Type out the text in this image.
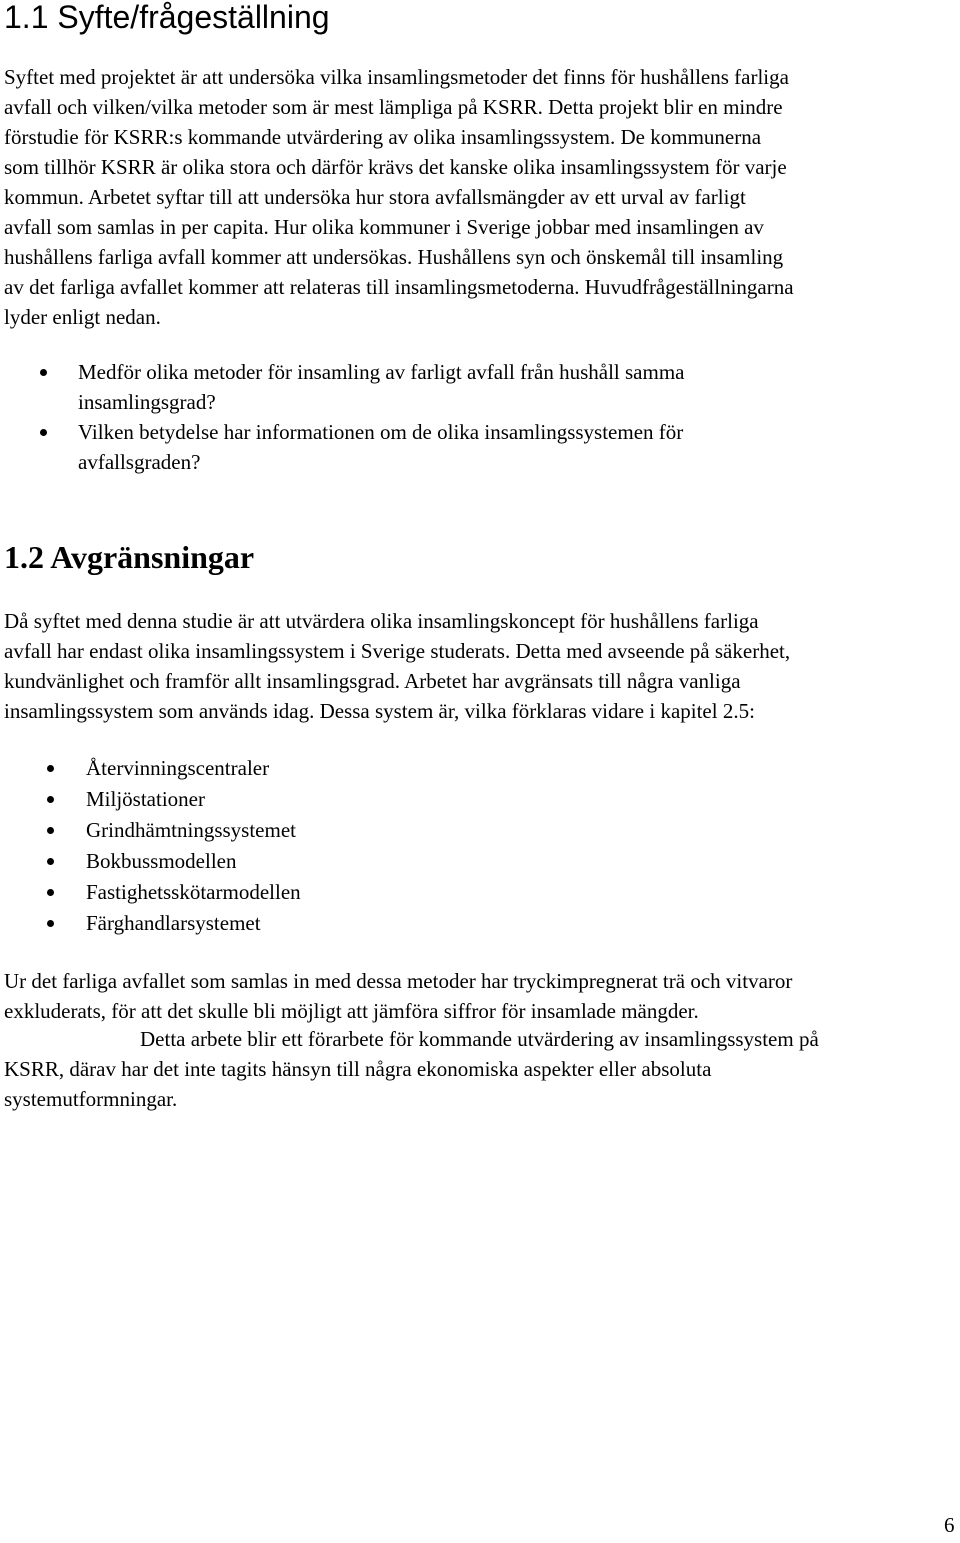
1.1 Syfte/frågeställning

Syftet med projektet är att undersöka vilka insamlingsmetoder det finns för hushållens farliga
avfall och vilken/vilka metoder som är mest lämpliga på KSRR. Detta projekt blir en mindre
förstudie för KSRR:s kommande utvärdering av olika insamlingssystem. De kommunerna
som tillhör KSRR är olika stora och därför krävs det kanske olika insamlingssystem för varje
kommun. Arbetet syftar till att undersöka hur stora avfallsmängder av ett urval av farligt
avfall som samlas in per capita. Hur olika kommuner i Sverige jobbar med insamlingen av
hushållens farliga avfall kommer att undersökas. Hushållens syn och önskemål till insamling
av det farliga avfallet kommer att relateras till insamlingsmetoderna. Huvudfrågeställningarna
lyder enligt nedan.

Medför olika metoder för insamling av farligt avfall från hushåll samma
insamlingsgrad?
Vilken betydelse har informationen om de olika insamlingssystemen för
avfallsgraden?
1.2 Avgränsningar

Då syftet med denna studie är att utvärdera olika insamlingskoncept för hushållens farliga
avfall har endast olika insamlingssystem i Sverige studerats. Detta med avseende på säkerhet,
kundvänlighet och framför allt insamlingsgrad. Arbetet har avgränsats till några vanliga
insamlingssystem som används idag. Dessa system är, vilka förklaras vidare i kapitel 2.5:

Återvinningscentraler
Miljöstationer
Grindhämtningssystemet
Bokbussmodellen
Fastighetsskötarmodellen
Färghandlarsystemet

Ur det farliga avfallet som samlas in med dessa metoder har tryckimpregnerat trä och vitvaror
exkluderats, för att det skulle bli möjligt att jämföra siffror för insamlade mängder.

Detta arbete blir ett förarbete för kommande utvärdering av insamlingssystem på
KSRR, därav har det inte tagits hänsyn till några ekonomiska aspekter eller absoluta
systemutformningar.

6
